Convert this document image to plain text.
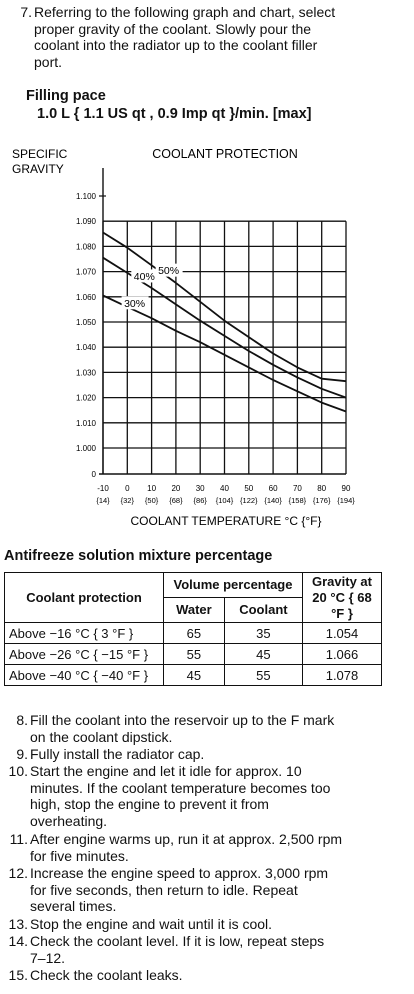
7. Referring to the following graph and chart, select
proper gravity of the coolant. Slowly pour the
coolant into the radiator up to the coolant filler
port.
Filling pace
1.0 L { 1.1 US qt , 0.9 Imp qt }/min. [max]
50%
40%
30%
1.100
1.090
1.080
1.070
1.060
1.050
1.040
1.030
1.020
1.010
1.000
0
-10
{14}
0
{32}
10
{50}
20
{68}
30
{86}
40
{104}
50
{122}
60
{140}
70
{158}
80
{176}
90
{194}
COOLANT PROTECTION
SPECIFIC
GRAVITY
COOLANT TEMPERATURE °C {°F}
Antifreeze solution mixture percentage
Coolant protection	Volume percentage		Gravity at 20 °C { 68 °F }
	Water	Coolant	
Above −16 °C { 3 °F }	65	35	1.054
Above −26 °C { −15 °F }	55	45	1.066
Above −40 °C { −40 °F }	45	55	1.078
8. Fill the coolant into the reservoir up to the F mark
on the coolant dipstick.
9. Fully install the radiator cap.
10. Start the engine and let it idle for approx. 10
minutes. If the coolant temperature becomes too
high, stop the engine to prevent it from
overheating.
11. After engine warms up, run it at approx. 2,500 rpm
for five minutes.
12. Increase the engine speed to approx. 3,000 rpm
for five seconds, then return to idle. Repeat
several times.
13. Stop the engine and wait until it is cool.
14. Check the coolant level. If it is low, repeat steps
7–12.
15. Check the coolant leaks.
